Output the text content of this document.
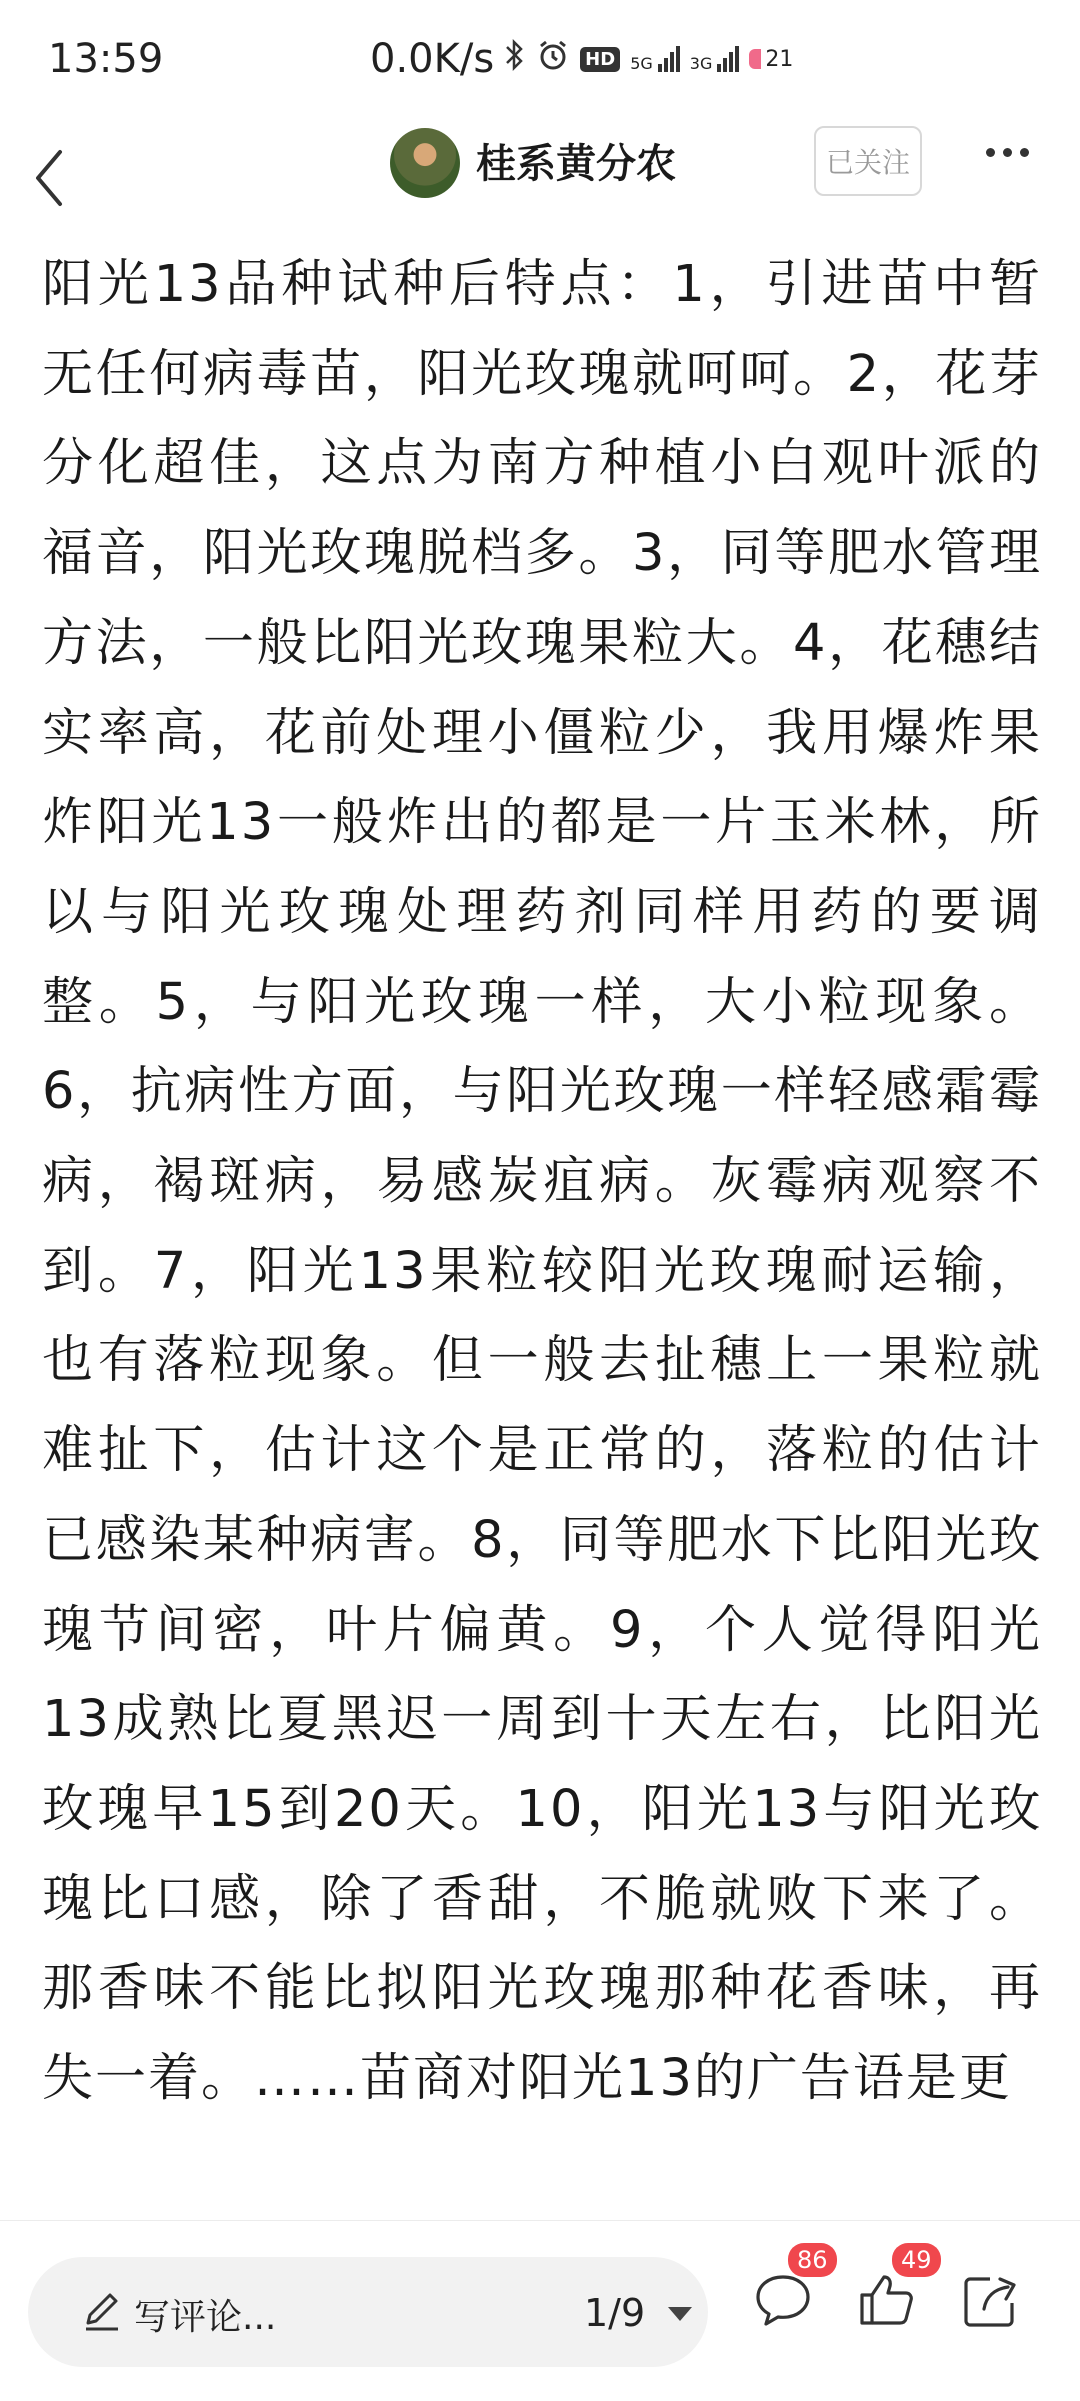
13:59	0.0K/s	HD 5G 3G 21
桂系黄分农	已关注

阳光13品种试种后特点：1，引进苗中暂无任何病毒苗，阳光玫瑰就呵呵。2，花芽分化超佳，这点为南方种植小白观叶派的福音，阳光玫瑰脱档多。3，同等肥水管理方法，一般比阳光玫瑰果粒大。4，花穗结实率高，花前处理小僵粒少，我用爆炸果炸阳光13一般炸出的都是一片玉米林，所以与阳光玫瑰处理药剂同样用药的要调整。5，与阳光玫瑰一样，大小粒现象。6，抗病性方面，与阳光玫瑰一样轻感霜霉病，褐斑病，易感炭疽病。灰霉病观察不到。7，阳光13果粒较阳光玫瑰耐运输，也有落粒现象。但一般去扯穗上一果粒就难扯下，估计这个是正常的，落粒的估计已感染某种病害。8，同等肥水下比阳光玫瑰节间密，叶片偏黄。9，个人觉得阳光13成熟比夏黑迟一周到十天左右，比阳光玫瑰早15到20天。10，阳光13与阳光玫瑰比口感，除了香甜，不脆就败下来了。那香味不能比拟阳光玫瑰那种花香味，再失一着。……苗商对阳光13的广告语是更

写评论...	1/9
86	49
